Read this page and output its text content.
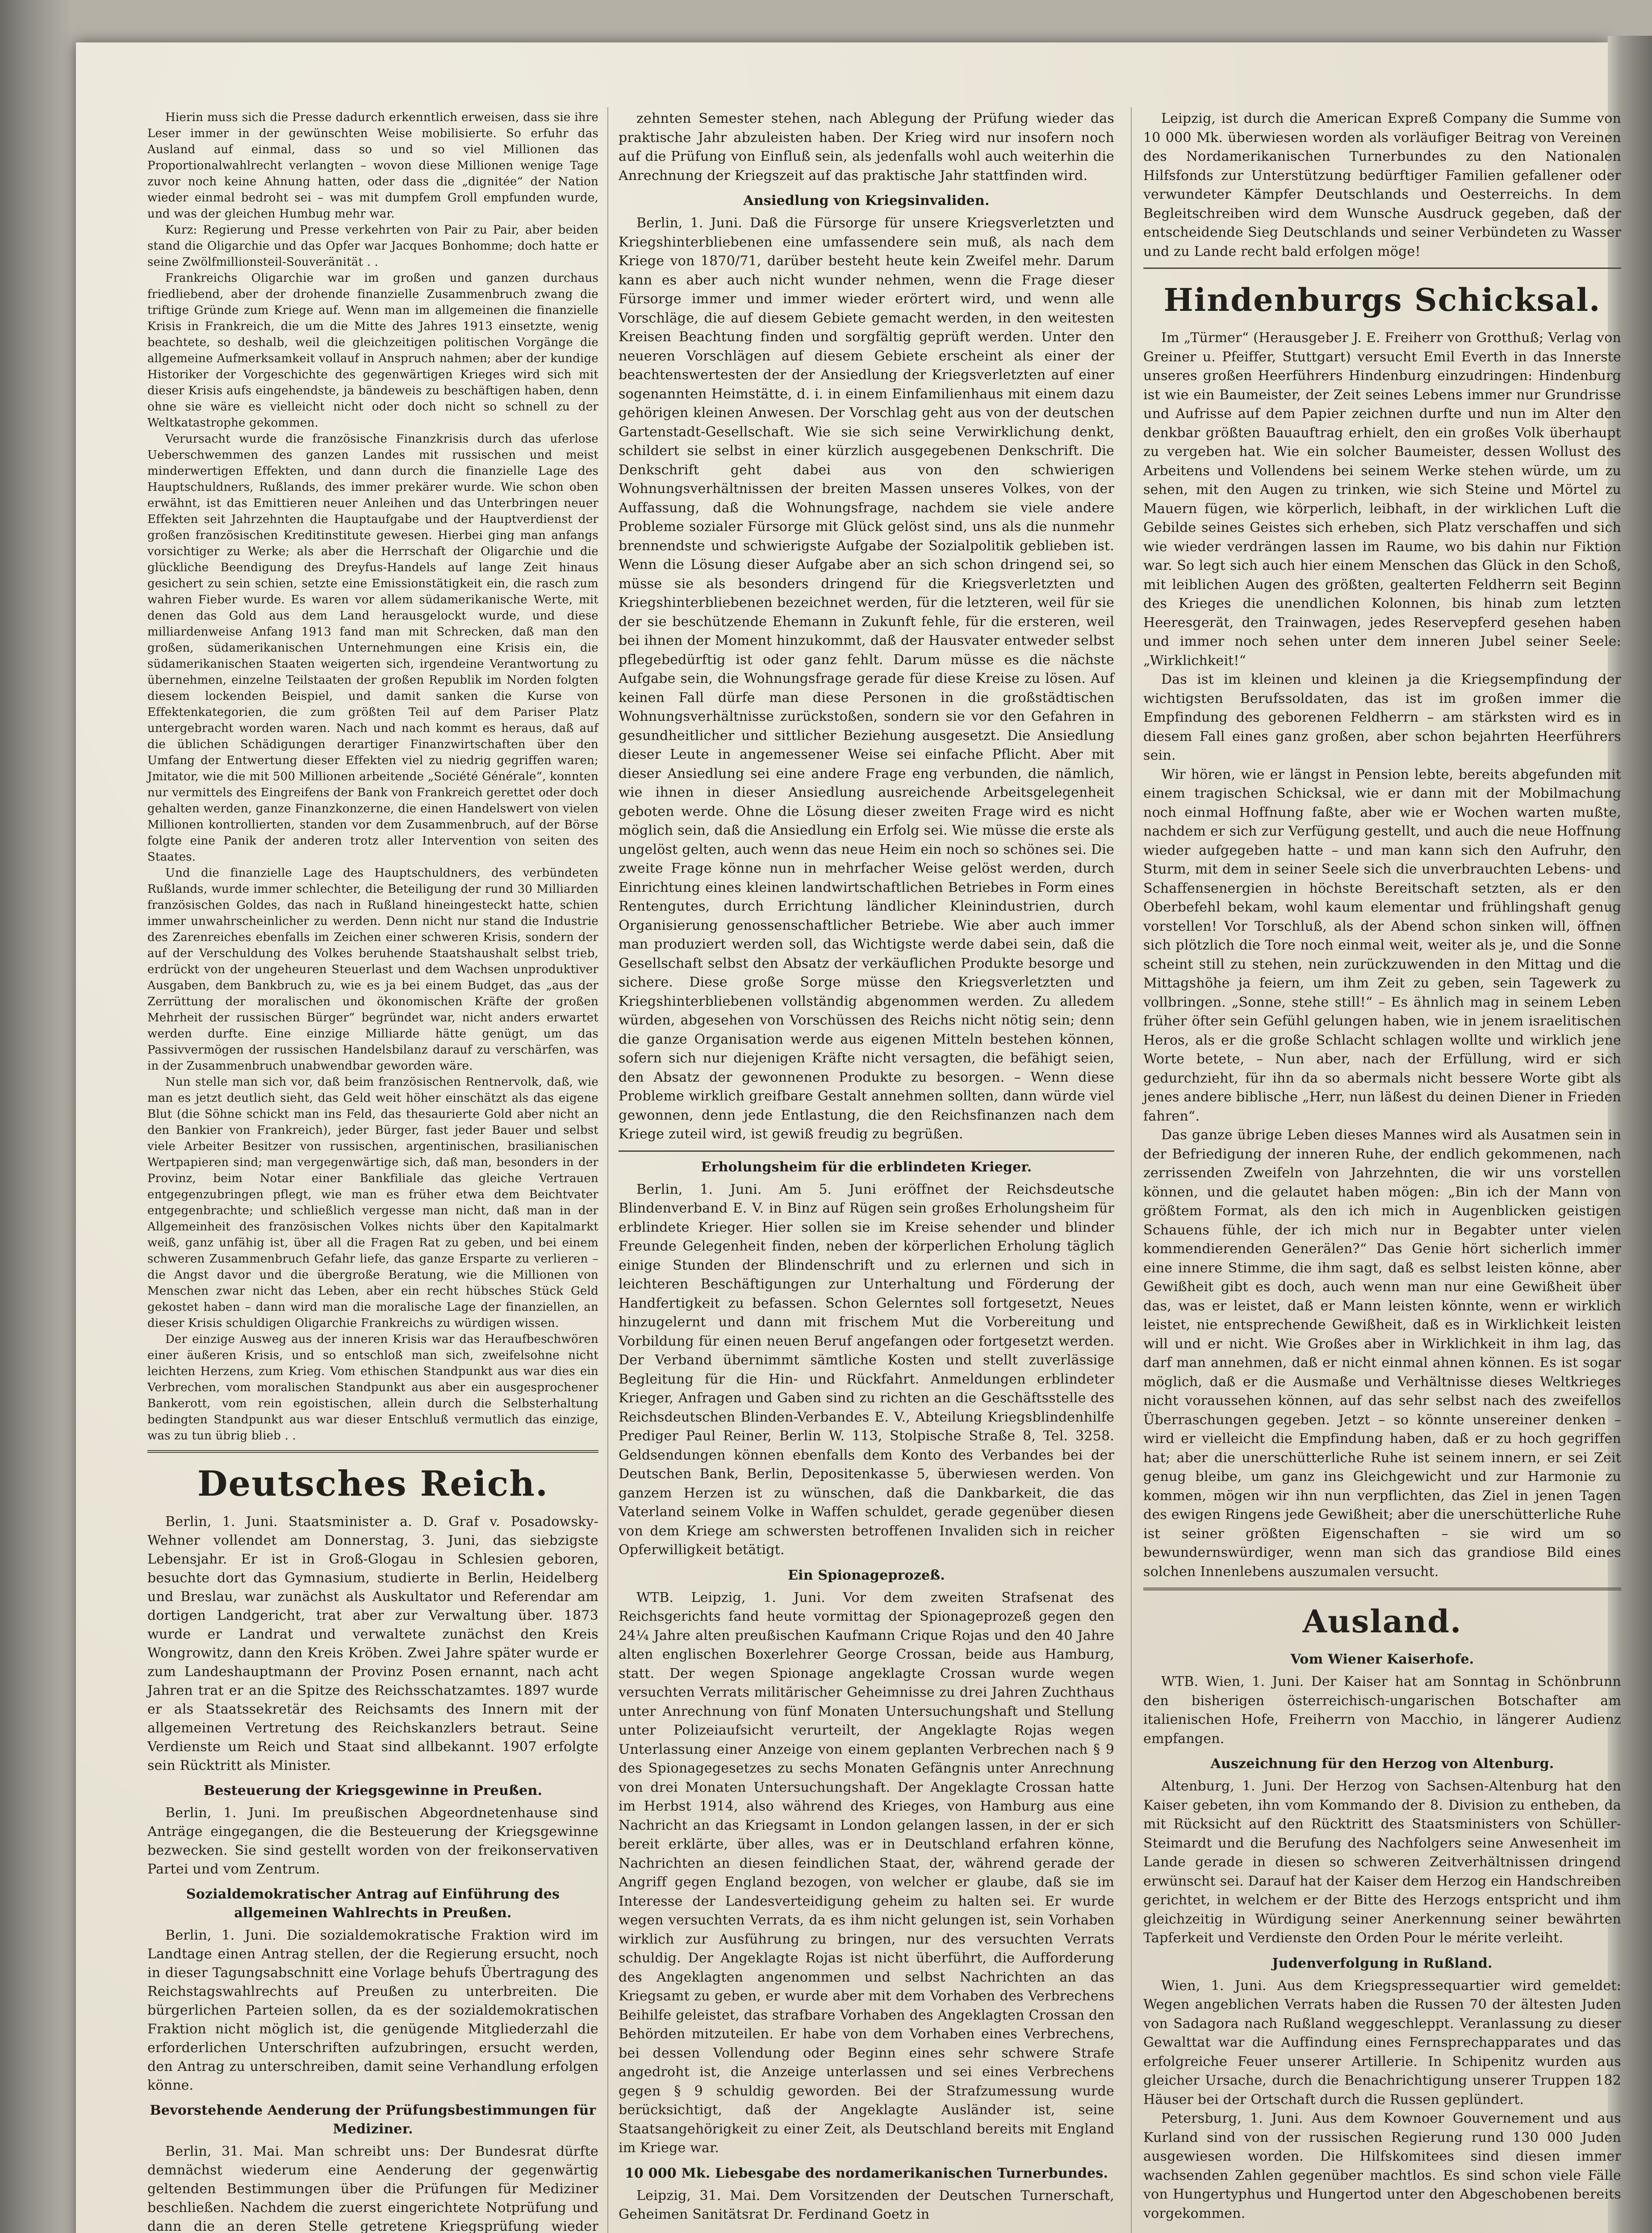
Hierin muss sich die Presse dadurch erkenntlich erweisen, dass sie ihre Leser immer in der gewünschten Weise mobilisierte. So erfuhr das Ausland auf einmal, dass so und so viel Millionen das Proportionalwahlrecht verlangten – wovon diese Millionen wenige Tage zuvor noch keine Ahnung hatten, oder dass die „dignitée“ der Nation wieder einmal bedroht sei – was mit dumpfem Groll empfunden wurde, und was der gleichen Humbug mehr war.

Kurz: Regierung und Presse verkehrten von Pair zu Pair, aber beiden stand die Oligarchie und das Opfer war Jacques Bonhomme; doch hatte er seine Zwölfmillionsteil-Souveränität . .

Frankreichs Oligarchie war im großen und ganzen durchaus friedliebend, aber der drohende finanzielle Zusammenbruch zwang die triftige Gründe zum Kriege auf. Wenn man im allgemeinen die finanzielle Krisis in Frankreich, die um die Mitte des Jahres 1913 einsetzte, wenig beachtete, so deshalb, weil die gleichzeitigen politischen Vorgänge die allgemeine Aufmerksamkeit vollauf in Anspruch nahmen; aber der kundige Historiker der Vorgeschichte des gegenwärtigen Krieges wird sich mit dieser Krisis aufs eingehendste, ja bändeweis zu beschäftigen haben, denn ohne sie wäre es vielleicht nicht oder doch nicht so schnell zu der Weltkatastrophe gekommen.

Verursacht wurde die französische Finanzkrisis durch das uferlose Ueberschwemmen des ganzen Landes mit russischen und meist minderwertigen Effekten, und dann durch die finanzielle Lage des Hauptschuldners, Rußlands, des immer prekärer wurde. Wie schon oben erwähnt, ist das Emittieren neuer Anleihen und das Unterbringen neuer Effekten seit Jahrzehnten die Hauptaufgabe und der Hauptverdienst der großen französischen Kreditinstitute gewesen. Hierbei ging man anfangs vorsichtiger zu Werke; als aber die Herrschaft der Oligarchie und die glückliche Beendigung des Dreyfus-Handels auf lange Zeit hinaus gesichert zu sein schien, setzte eine Emissionstätigkeit ein, die rasch zum wahren Fieber wurde. Es waren vor allem südamerikanische Werte, mit denen das Gold aus dem Land herausgelockt wurde, und diese milliardenweise Anfang 1913 fand man mit Schrecken, daß man den großen, südamerikanischen Unternehmungen eine Krisis ein, die südamerikanischen Staaten weigerten sich, irgendeine Verantwortung zu übernehmen, einzelne Teilstaaten der großen Republik im Norden folgten diesem lockenden Beispiel, und damit sanken die Kurse von Effektenkategorien, die zum größten Teil auf dem Pariser Platz untergebracht worden waren. Nach und nach kommt es heraus, daß auf die üblichen Schädigungen derartiger Finanzwirtschaften über den Umfang der Entwertung dieser Effekten viel zu niedrig gegriffen waren; Jmitator, wie die mit 500 Millionen arbeitende „Société Générale“, konnten nur vermittels des Eingreifens der Bank von Frankreich gerettet oder doch gehalten werden, ganze Finanzkonzerne, die einen Handelswert von vielen Millionen kontrollierten, standen vor dem Zusammenbruch, auf der Börse folgte eine Panik der anderen trotz aller Intervention von seiten des Staates.

Und die finanzielle Lage des Hauptschuldners, des verbündeten Rußlands, wurde immer schlechter, die Beteiligung der rund 30 Milliarden französischen Goldes, das nach in Rußland hineingesteckt hatte, schien immer unwahrscheinlicher zu werden. Denn nicht nur stand die Industrie des Zarenreiches ebenfalls im Zeichen einer schweren Krisis, sondern der auf der Verschuldung des Volkes beruhende Staatshaushalt selbst trieb, erdrückt von der ungeheuren Steuerlast und dem Wachsen unproduktiver Ausgaben, dem Bankbruch zu, wie es ja bei einem Budget, das „aus der Zerrüttung der moralischen und ökonomischen Kräfte der großen Mehrheit der russischen Bürger“ begründet war, nicht anders erwartet werden durfte. Eine einzige Milliarde hätte genügt, um das Passivvermögen der russischen Handelsbilanz darauf zu verschärfen, was in der Zusammenbruch unabwendbar geworden wäre.

Nun stelle man sich vor, daß beim französischen Rentnervolk, daß, wie man es jetzt deutlich sieht, das Geld weit höher einschätzt als das eigene Blut (die Söhne schickt man ins Feld, das thesaurierte Gold aber nicht an den Bankier von Frankreich), jeder Bürger, fast jeder Bauer und selbst viele Arbeiter Besitzer von russischen, argentinischen, brasilianischen Wertpapieren sind; man vergegenwärtige sich, daß man, besonders in der Provinz, beim Notar einer Bankfiliale das gleiche Vertrauen entgegenzubringen pflegt, wie man es früher etwa dem Beichtvater entgegenbrachte; und schließlich vergesse man nicht, daß man in der Allgemeinheit des französischen Volkes nichts über den Kapitalmarkt weiß, ganz unfähig ist, über all die Fragen Rat zu geben, und bei einem schweren Zusammenbruch Gefahr liefe, das ganze Ersparte zu verlieren – die Angst davor und die übergroße Beratung, wie die Millionen von Menschen zwar nicht das Leben, aber ein recht hübsches Stück Geld gekostet haben – dann wird man die moralische Lage der finanziellen, an dieser Krisis schuldigen Oligarchie Frankreichs zu würdigen wissen.

Der einzige Ausweg aus der inneren Krisis war das Heraufbeschwören einer äußeren Krisis, und so entschloß man sich, zweifelsohne nicht leichten Herzens, zum Krieg. Vom ethischen Standpunkt aus war dies ein Verbrechen, vom moralischen Standpunkt aus aber ein ausgesprochener Bankerott, vom rein egoistischen, allein durch die Selbsterhaltung bedingten Standpunkt aus war dieser Entschluß vermutlich das einzige, was zu tun übrig blieb . .

Deutsches Reich.

Berlin, 1. Juni. Staatsminister a. D. Graf v. Posadowsky-Wehner vollendet am Donnerstag, 3. Juni, das siebzigste Lebensjahr. Er ist in Groß-Glogau in Schlesien geboren, besuchte dort das Gymnasium, studierte in Berlin, Heidelberg und Breslau, war zunächst als Auskultator und Referendar am dortigen Landgericht, trat aber zur Verwaltung über. 1873 wurde er Landrat und verwaltete zunächst den Kreis Wongrowitz, dann den Kreis Kröben. Zwei Jahre später wurde er zum Landeshauptmann der Provinz Posen ernannt, nach acht Jahren trat er an die Spitze des Reichsschatzamtes. 1897 wurde er als Staatssekretär des Reichsamts des Innern mit der allgemeinen Vertretung des Reichskanzlers betraut. Seine Verdienste um Reich und Staat sind allbekannt. 1907 erfolgte sein Rücktritt als Minister.

Besteuerung der Kriegsgewinne in Preußen.

Berlin, 1. Juni. Im preußischen Abgeordnetenhause sind Anträge eingegangen, die die Besteuerung der Kriegsgewinne bezwecken. Sie sind gestellt worden von der freikonservativen Partei und vom Zentrum.

Sozialdemokratischer Antrag auf Einführung des allgemeinen Wahlrechts in Preußen.

Berlin, 1. Juni. Die sozialdemokratische Fraktion wird im Landtage einen Antrag stellen, der die Regierung ersucht, noch in dieser Tagungsabschnitt eine Vorlage behufs Übertragung des Reichstagswahlrechts auf Preußen zu unterbreiten. Die bürgerlichen Parteien sollen, da es der sozialdemokratischen Fraktion nicht möglich ist, die genügende Mitgliederzahl die erforderlichen Unterschriften aufzubringen, ersucht werden, den Antrag zu unterschreiben, damit seine Verhandlung erfolgen könne.

Bevorstehende Aenderung der Prüfungsbestimmungen für Mediziner.

Berlin, 31. Mai. Man schreibt uns: Der Bundesrat dürfte demnächst wiederum eine Aenderung der gegenwärtig geltenden Bestimmungen über die Prüfungen für Mediziner beschließen. Nachdem die zuerst eingerichtete Notprüfung und dann die an deren Stelle getretene Kriegsprüfung wieder

zehnten Semester stehen, nach Ablegung der Prüfung wieder das praktische Jahr abzuleisten haben. Der Krieg wird nur insofern noch auf die Prüfung von Einfluß sein, als jedenfalls wohl auch weiterhin die Anrechnung der Kriegszeit auf das praktische Jahr stattfinden wird.

Ansiedlung von Kriegsinvaliden.

Berlin, 1. Juni. Daß die Fürsorge für unsere Kriegsverletzten und Kriegshinterbliebenen eine umfassendere sein muß, als nach dem Kriege von 1870/71, darüber besteht heute kein Zweifel mehr. Darum kann es aber auch nicht wunder nehmen, wenn die Frage dieser Fürsorge immer und immer wieder erörtert wird, und wenn alle Vorschläge, die auf diesem Gebiete gemacht werden, in den weitesten Kreisen Beachtung finden und sorgfältig geprüft werden. Unter den neueren Vorschlägen auf diesem Gebiete erscheint als einer der beachtenswertesten der der Ansiedlung der Kriegsverletzten auf einer sogenannten Heimstätte, d. i. in einem Einfamilienhaus mit einem dazu gehörigen kleinen Anwesen. Der Vorschlag geht aus von der deutschen Gartenstadt-Gesellschaft. Wie sie sich seine Verwirklichung denkt, schildert sie selbst in einer kürzlich ausgegebenen Denkschrift. Die Denkschrift geht dabei aus von den schwierigen Wohnungsverhältnissen der breiten Massen unseres Volkes, von der Auffassung, daß die Wohnungsfrage, nachdem sie viele andere Probleme sozialer Fürsorge mit Glück gelöst sind, uns als die nunmehr brennendste und schwierigste Aufgabe der Sozialpolitik geblieben ist. Wenn die Lösung dieser Aufgabe aber an sich schon dringend sei, so müsse sie als besonders dringend für die Kriegsverletzten und Kriegshinterbliebenen bezeichnet werden, für die letzteren, weil für sie der sie beschützende Ehemann in Zukunft fehle, für die ersteren, weil bei ihnen der Moment hinzukommt, daß der Hausvater entweder selbst pflegebedürftig ist oder ganz fehlt. Darum müsse es die nächste Aufgabe sein, die Wohnungsfrage gerade für diese Kreise zu lösen. Auf keinen Fall dürfe man diese Personen in die großstädtischen Wohnungsverhältnisse zurückstoßen, sondern sie vor den Gefahren in gesundheitlicher und sittlicher Beziehung ausgesetzt. Die Ansiedlung dieser Leute in angemessener Weise sei einfache Pflicht. Aber mit dieser Ansiedlung sei eine andere Frage eng verbunden, die nämlich, wie ihnen in dieser Ansiedlung ausreichende Arbeitsgelegenheit geboten werde. Ohne die Lösung dieser zweiten Frage wird es nicht möglich sein, daß die Ansiedlung ein Erfolg sei. Wie müsse die erste als ungelöst gelten, auch wenn das neue Heim ein noch so schönes sei. Die zweite Frage könne nun in mehrfacher Weise gelöst werden, durch Einrichtung eines kleinen landwirtschaftlichen Betriebes in Form eines Rentengutes, durch Errichtung ländlicher Kleinindustrien, durch Organisierung genossenschaftlicher Betriebe. Wie aber auch immer man produziert werden soll, das Wichtigste werde dabei sein, daß die Gesellschaft selbst den Absatz der verkäuflichen Produkte besorge und sichere. Diese große Sorge müsse den Kriegsverletzten und Kriegshinterbliebenen vollständig abgenommen werden. Zu alledem würden, abgesehen von Vorschüssen des Reichs nicht nötig sein; denn die ganze Organisation werde aus eigenen Mitteln bestehen können, sofern sich nur diejenigen Kräfte nicht versagten, die befähigt seien, den Absatz der gewonnenen Produkte zu besorgen. – Wenn diese Probleme wirklich greifbare Gestalt annehmen sollten, dann würde viel gewonnen, denn jede Entlastung, die den Reichsfinanzen nach dem Kriege zuteil wird, ist gewiß freudig zu begrüßen.

Erholungsheim für die erblindeten Krieger.

Berlin, 1. Juni. Am 5. Juni eröffnet der Reichsdeutsche Blindenverband E. V. in Binz auf Rügen sein großes Erholungsheim für erblindete Krieger. Hier sollen sie im Kreise sehender und blinder Freunde Gelegenheit finden, neben der körperlichen Erholung täglich einige Stunden der Blindenschrift und zu erlernen und sich in leichteren Beschäftigungen zur Unterhaltung und Förderung der Handfertigkeit zu befassen. Schon Gelerntes soll fortgesetzt, Neues hinzugelernt und dann mit frischem Mut die Vorbereitung und Vorbildung für einen neuen Beruf angefangen oder fortgesetzt werden. Der Verband übernimmt sämtliche Kosten und stellt zuverlässige Begleitung für die Hin- und Rückfahrt. Anmeldungen erblindeter Krieger, Anfragen und Gaben sind zu richten an die Geschäftsstelle des Reichsdeutschen Blinden-Verbandes E. V., Abteilung Kriegsblindenhilfe Prediger Paul Reiner, Berlin W. 113, Stolpische Straße 8, Tel. 3258. Geldsendungen können ebenfalls dem Konto des Verbandes bei der Deutschen Bank, Berlin, Depositenkasse 5, überwiesen werden. Von ganzem Herzen ist zu wünschen, daß die Dankbarkeit, die das Vaterland seinem Volke in Waffen schuldet, gerade gegenüber diesen von dem Kriege am schwersten betroffenen Invaliden sich in reicher Opferwilligkeit betätigt.

Ein Spionageprozeß.

WTB. Leipzig, 1. Juni. Vor dem zweiten Strafsenat des Reichsgerichts fand heute vormittag der Spionageprozeß gegen den 24¼ Jahre alten preußischen Kaufmann Crique Rojas und den 40 Jahre alten englischen Boxerlehrer George Crossan, beide aus Hamburg, statt. Der wegen Spionage angeklagte Crossan wurde wegen versuchten Verrats militärischer Geheimnisse zu drei Jahren Zuchthaus unter Anrechnung von fünf Monaten Untersuchungshaft und Stellung unter Polizeiaufsicht verurteilt, der Angeklagte Rojas wegen Unterlassung einer Anzeige von einem geplanten Verbrechen nach § 9 des Spionagegesetzes zu sechs Monaten Gefängnis unter Anrechnung von drei Monaten Untersuchungshaft. Der Angeklagte Crossan hatte im Herbst 1914, also während des Krieges, von Hamburg aus eine Nachricht an das Kriegsamt in London gelangen lassen, in der er sich bereit erklärte, über alles, was er in Deutschland erfahren könne, Nachrichten an diesen feindlichen Staat, der, während gerade der Angriff gegen England bezogen, von welcher er glaube, daß sie im Interesse der Landesverteidigung geheim zu halten sei. Er wurde wegen versuchten Verrats, da es ihm nicht gelungen ist, sein Vorhaben wirklich zur Ausführung zu bringen, nur des versuchten Verrats schuldig. Der Angeklagte Rojas ist nicht überführt, die Aufforderung des Angeklagten angenommen und selbst Nachrichten an das Kriegsamt zu geben, er wurde aber mit dem Vorhaben des Verbrechens Beihilfe geleistet, das strafbare Vorhaben des Angeklagten Crossan den Behörden mitzuteilen. Er habe von dem Vorhaben eines Verbrechens, bei dessen Vollendung oder Beginn eines sehr schwere Strafe angedroht ist, die Anzeige unterlassen und sei eines Verbrechens gegen § 9 schuldig geworden. Bei der Strafzumessung wurde berücksichtigt, daß der Angeklagte Ausländer ist, seine Staatsangehörigkeit zu einer Zeit, als Deutschland bereits mit England im Kriege war.

10 000 Mk. Liebesgabe des nordamerikanischen Turnerbundes.

Leipzig, 31. Mai. Dem Vorsitzenden der Deutschen Turnerschaft, Geheimen Sanitätsrat Dr. Ferdinand Goetz in

Leipzig, ist durch die American Expreß Company die Summe von 10 000 Mk. überwiesen worden als vorläufiger Beitrag von Vereinen des Nordamerikanischen Turnerbundes zu den Nationalen Hilfsfonds zur Unterstützung bedürftiger Familien gefallener oder verwundeter Kämpfer Deutschlands und Oesterreichs. In dem Begleitschreiben wird dem Wunsche Ausdruck gegeben, daß der entscheidende Sieg Deutschlands und seiner Verbündeten zu Wasser und zu Lande recht bald erfolgen möge!

Hindenburgs Schicksal.

Im „Türmer“ (Herausgeber J. E. Freiherr von Grotthuß; Verlag von Greiner u. Pfeiffer, Stuttgart) versucht Emil Everth in das Innerste unseres großen Heerführers Hindenburg einzudringen: Hindenburg ist wie ein Baumeister, der Zeit seines Lebens immer nur Grundrisse und Aufrisse auf dem Papier zeichnen durfte und nun im Alter den denkbar größten Bauauftrag erhielt, den ein großes Volk überhaupt zu vergeben hat. Wie ein solcher Baumeister, dessen Wollust des Arbeitens und Vollendens bei seinem Werke stehen würde, um zu sehen, mit den Augen zu trinken, wie sich Steine und Mörtel zu Mauern fügen, wie körperlich, leibhaft, in der wirklichen Luft die Gebilde seines Geistes sich erheben, sich Platz verschaffen und sich wie wieder verdrängen lassen im Raume, wo bis dahin nur Fiktion war. So legt sich auch hier einem Menschen das Glück in den Schoß, mit leiblichen Augen des größten, gealterten Feldherrn seit Beginn des Krieges die unendlichen Kolonnen, bis hinab zum letzten Heeresgerät, den Trainwagen, jedes Reservepferd gesehen haben und immer noch sehen unter dem inneren Jubel seiner Seele: „Wirklichkeit!“

Das ist im kleinen und kleinen ja die Kriegsempfindung der wichtigsten Berufssoldaten, das ist im großen immer die Empfindung des geborenen Feldherrn – am stärksten wird es in diesem Fall eines ganz großen, aber schon bejahrten Heerführers sein.

Wir hören, wie er längst in Pension lebte, bereits abgefunden mit einem tragischen Schicksal, wie er dann mit der Mobilmachung noch einmal Hoffnung faßte, aber wie er Wochen warten mußte, nachdem er sich zur Verfügung gestellt, und auch die neue Hoffnung wieder aufgegeben hatte – und man kann sich den Aufruhr, den Sturm, mit dem in seiner Seele sich die unverbrauchten Lebens- und Schaffensenergien in höchste Bereitschaft setzten, als er den Oberbefehl bekam, wohl kaum elementar und frühlingshaft genug vorstellen! Vor Torschluß, als der Abend schon sinken will, öffnen sich plötzlich die Tore noch einmal weit, weiter als je, und die Sonne scheint still zu stehen, nein zurückzuwenden in den Mittag und die Mittagshöhe ja feiern, um ihm Zeit zu geben, sein Tagewerk zu vollbringen. „Sonne, stehe still!“ – Es ähnlich mag in seinem Leben früher öfter sein Gefühl gelungen haben, wie in jenem israelitischen Heros, als er die große Schlacht schlagen wollte und wirklich jene Worte betete, – Nun aber, nach der Erfüllung, wird er sich gedurchzieht, für ihn da so abermals nicht bessere Worte gibt als jenes andere biblische „Herr, nun läßest du deinen Diener in Frieden fahren“.

Das ganze übrige Leben dieses Mannes wird als Ausatmen sein in der Befriedigung der inneren Ruhe, der endlich gekommenen, nach zerrissenden Zweifeln von Jahrzehnten, die wir uns vorstellen können, und die gelautet haben mögen: „Bin ich der Mann von größtem Format, als den ich mich in Augenblicken geistigen Schauens fühle, der ich mich nur in Begabter unter vielen kommendierenden Generälen?“ Das Genie hört sicherlich immer eine innere Stimme, die ihm sagt, daß es selbst leisten könne, aber Gewißheit gibt es doch, auch wenn man nur eine Gewißheit über das, was er leistet, daß er Mann leisten könnte, wenn er wirklich leistet, nie entsprechende Gewißheit, daß es in Wirklichkeit leisten will und er nicht. Wie Großes aber in Wirklichkeit in ihm lag, das darf man annehmen, daß er nicht einmal ahnen können. Es ist sogar möglich, daß er die Ausmaße und Verhältnisse dieses Weltkrieges nicht voraussehen können, auf das sehr selbst nach des zweifellos Überraschungen gegeben. Jetzt – so könnte unsereiner denken – wird er vielleicht die Empfindung haben, daß er zu hoch gegriffen hat; aber die unerschütterliche Ruhe ist seinem innern, er sei Zeit genug bleibe, um ganz ins Gleichgewicht und zur Harmonie zu kommen, mögen wir ihn nun verpflichten, das Ziel in jenen Tagen des ewigen Ringens jede Gewißheit; aber die unerschütterliche Ruhe ist seiner größten Eigenschaften – sie wird um so bewundernswürdiger, wenn man sich das grandiose Bild eines solchen Innenlebens auszumalen versucht.

Ausland.
Vom Wiener Kaiserhofe.

WTB. Wien, 1. Juni. Der Kaiser hat am Sonntag in Schönbrunn den bisherigen österreichisch-ungarischen Botschafter am italienischen Hofe, Freiherrn von Macchio, in längerer Audienz empfangen.

Auszeichnung für den Herzog von Altenburg.

Altenburg, 1. Juni. Der Herzog von Sachsen-Altenburg hat den Kaiser gebeten, ihn vom Kommando der 8. Division zu entheben, da mit Rücksicht auf den Rücktritt des Staatsministers von Schüller-Steimardt und die Berufung des Nachfolgers seine Anwesenheit im Lande gerade in diesen so schweren Zeitverhältnissen dringend erwünscht sei. Darauf hat der Kaiser dem Herzog ein Handschreiben gerichtet, in welchem er der Bitte des Herzogs entspricht und ihm gleichzeitig in Würdigung seiner Anerkennung seiner bewährten Tapferkeit und Verdienste den Orden Pour le mérite verleiht.

Judenverfolgung in Rußland.

Wien, 1. Juni. Aus dem Kriegspressequartier wird gemeldet: Wegen angeblichen Verrats haben die Russen 70 der ältesten Juden von Sadagora nach Rußland weggeschleppt. Veranlassung zu dieser Gewalttat war die Auffindung eines Fernsprechapparates und das erfolgreiche Feuer unserer Artillerie. In Schipenitz wurden aus gleicher Ursache, durch die Benachrichtigung unserer Truppen 182 Häuser bei der Ortschaft durch die Russen geplündert.

Petersburg, 1. Juni. Aus dem Kownoer Gouvernement und aus Kurland sind von der russischen Regierung rund 130 000 Juden ausgewiesen worden. Die Hilfskomitees sind diesen immer wachsenden Zahlen gegenüber machtlos. Es sind schon viele Fälle von Hungertyphus und Hungertod unter den Abgeschobenen bereits vorgekommen.
